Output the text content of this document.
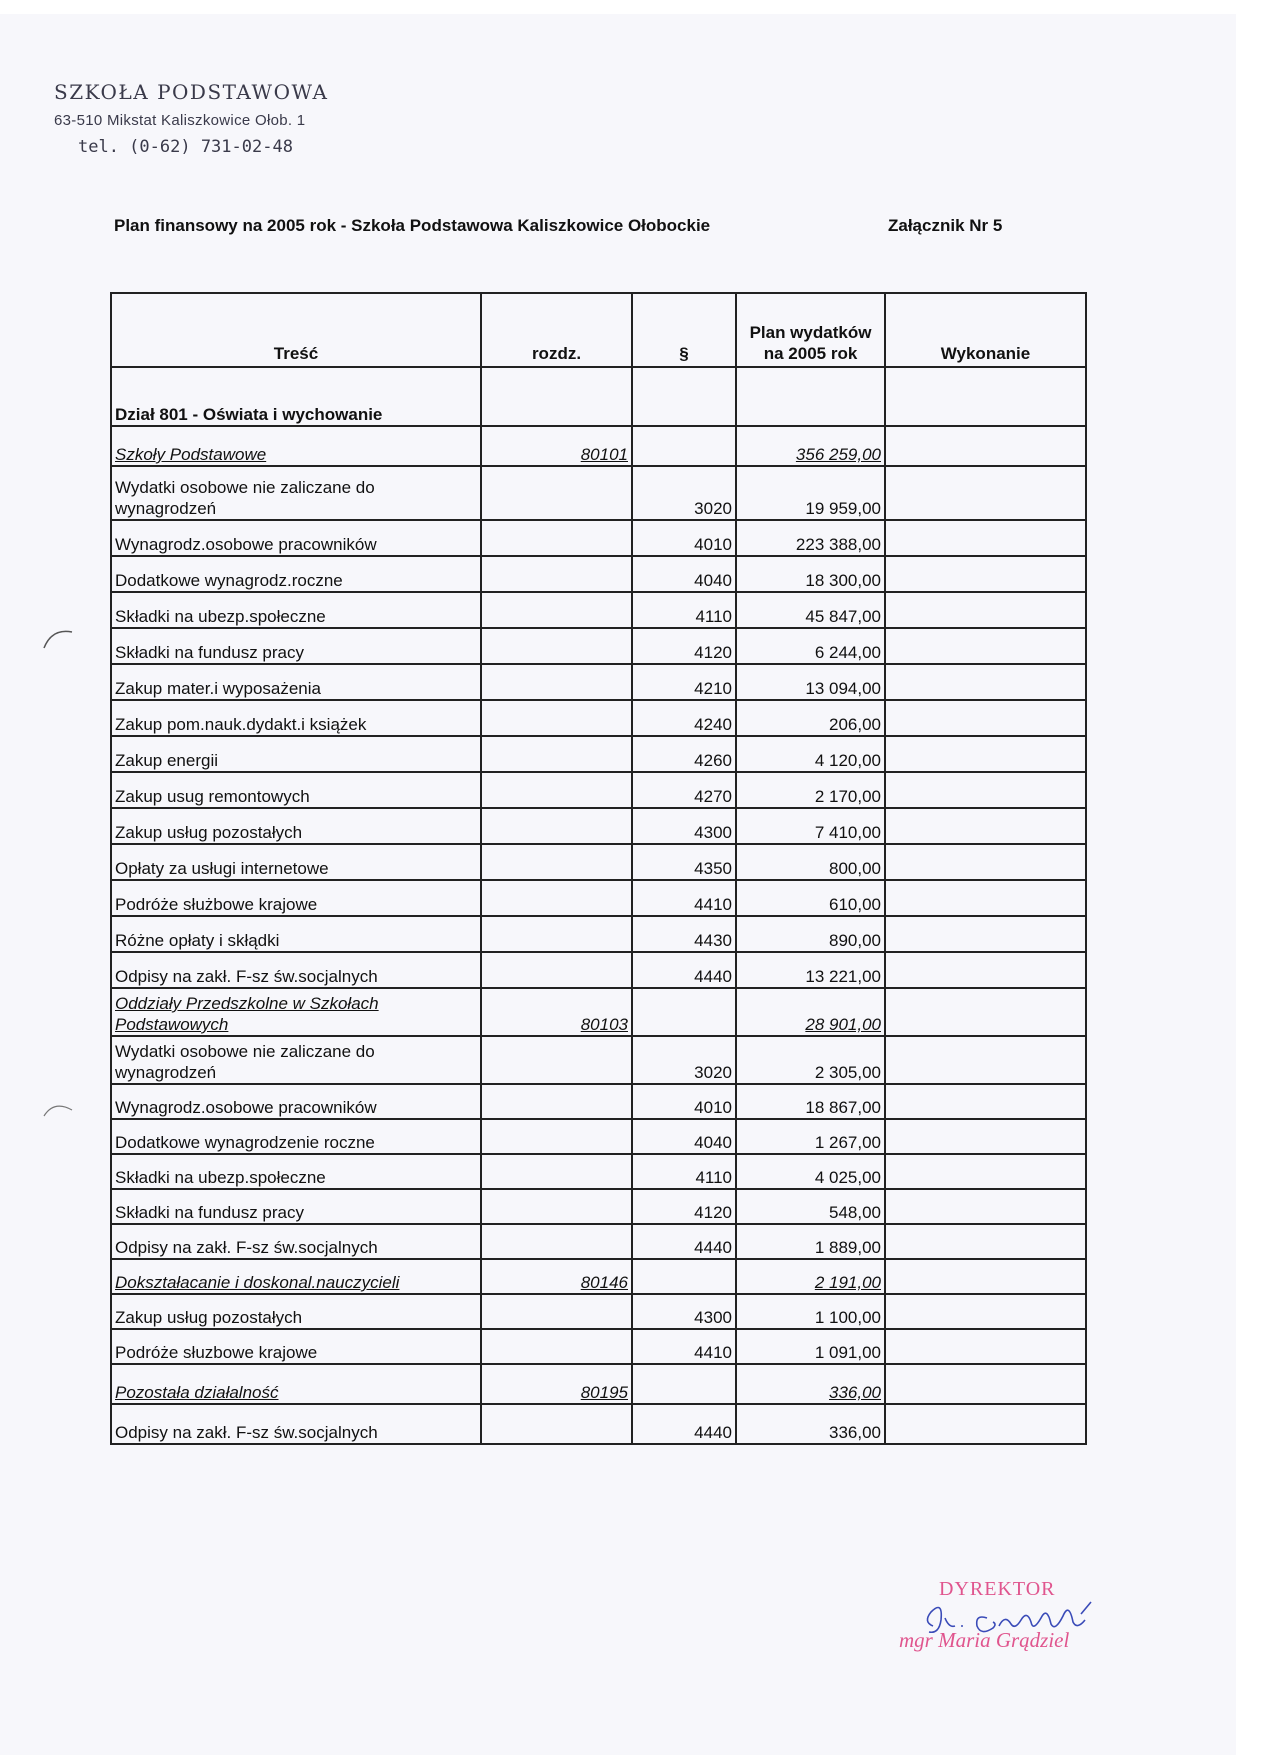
SZKOŁA PODSTAWOWA
63-510 Mikstat Kaliszkowice Ołob. 1
tel. (0-62) 731-02-48
Plan finansowy na 2005 rok - Szkoła Podstawowa Kaliszkowice Ołobockie	Załącznik Nr 5
Treść	rozdz.	§	Plan wydatków na 2005 rok	Wykonanie
Dział 801 - Oświata i wychowanie				
Szkoły Podstawowe	80101		356 259,00	
Wydatki osobowe nie zaliczane do wynagrodzeń		3020	19 959,00	
Wynagrodz.osobowe pracowników		4010	223 388,00	
Dodatkowe wynagrodz.roczne		4040	18 300,00	
Składki na ubezp.społeczne		4110	45 847,00	
Składki na fundusz pracy		4120	6 244,00	
Zakup mater.i wyposażenia		4210	13 094,00	
Zakup pom.nauk.dydakt.i książek		4240	206,00	
Zakup energii		4260	4 120,00	
Zakup usug remontowych		4270	2 170,00	
Zakup usług pozostałych		4300	7 410,00	
Opłaty za usługi internetowe		4350	800,00	
Podróże służbowe krajowe		4410	610,00	
Różne opłaty i skłądki		4430	890,00	
Odpisy na zakł. F-sz św.socjalnych		4440	13 221,00	
Oddziały Przedszkolne w Szkołach Podstawowych	80103		28 901,00	
Wydatki osobowe nie zaliczane do wynagrodzeń		3020	2 305,00	
Wynagrodz.osobowe pracowników		4010	18 867,00	
Dodatkowe wynagrodzenie roczne		4040	1 267,00	
Składki na ubezp.społeczne		4110	4 025,00	
Składki na fundusz pracy		4120	548,00	
Odpisy na zakł. F-sz św.socjalnych		4440	1 889,00	
Dokształacanie i doskonal.nauczycieli	80146		2 191,00	
Zakup usług pozostałych		4300	1 100,00	
Podróże słuzbowe krajowe		4410	1 091,00	
Pozostała działalność	80195		336,00	
Odpisy na zakł. F-sz św.socjalnych		4440	336,00	
DYREKTOR
mgr Maria Grądziel
